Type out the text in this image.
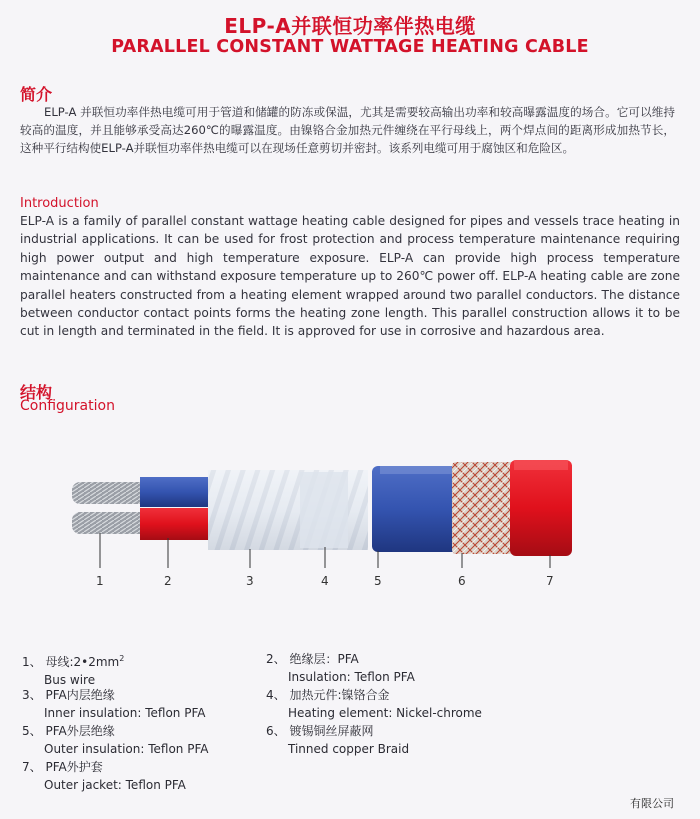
ELP-A并联恒功率伴热电缆
PARALLEL CONSTANT WATTAGE HEATING CABLE
简介
ELP-A 并联恒功率伴热电缆可用于管道和储罐的防冻或保温，尤其是需要较高输出功率和较高曝露温度的场合。它可以维持较高的温度，并且能够承受高达260℃的曝露温度。由镍铬合金加热元件缠绕在平行母线上，两个焊点间的距离形成加热节长，这种平行结构使ELP-A并联恒功率伴热电缆可以在现场任意剪切并密封。该系列电缆可用于腐蚀区和危险区。
Introduction
ELP-A is a family of parallel constant wattage heating cable designed for pipes and vessels trace heating in industrial applications. It can be used for frost protection and process temperature maintenance requiring high power output and high temperature exposure. ELP-A can provide high process temperature maintenance and can withstand exposure temperature up to 260℃ power off. ELP-A heating cable are zone parallel heaters constructed from a heating element wrapped around two parallel conductors. The distance between conductor contact points forms the heating zone length. This parallel construction allows it to be cut in length and terminated in the field. It is approved for use in corrosive and hazardous area.
结构
Configuration
1	2	3	4	5	6	7
1、 母线$:2•2mm^2$
Bus wire
3、 PFA内层绝缘
Inner insulation: Teflon PFA
5、 PFA外层绝缘
Outer insulation: Teflon PFA
7、 PFA外护套
Outer jacket: Teflon PFA
2、 绝缘层：PFA
Insulation: Teflon PFA
4、 加热元件:镍铬合金
Heating element: Nickel-chrome
6、 镀锡铜丝屏蔽网
Tinned copper Braid
有限公司
